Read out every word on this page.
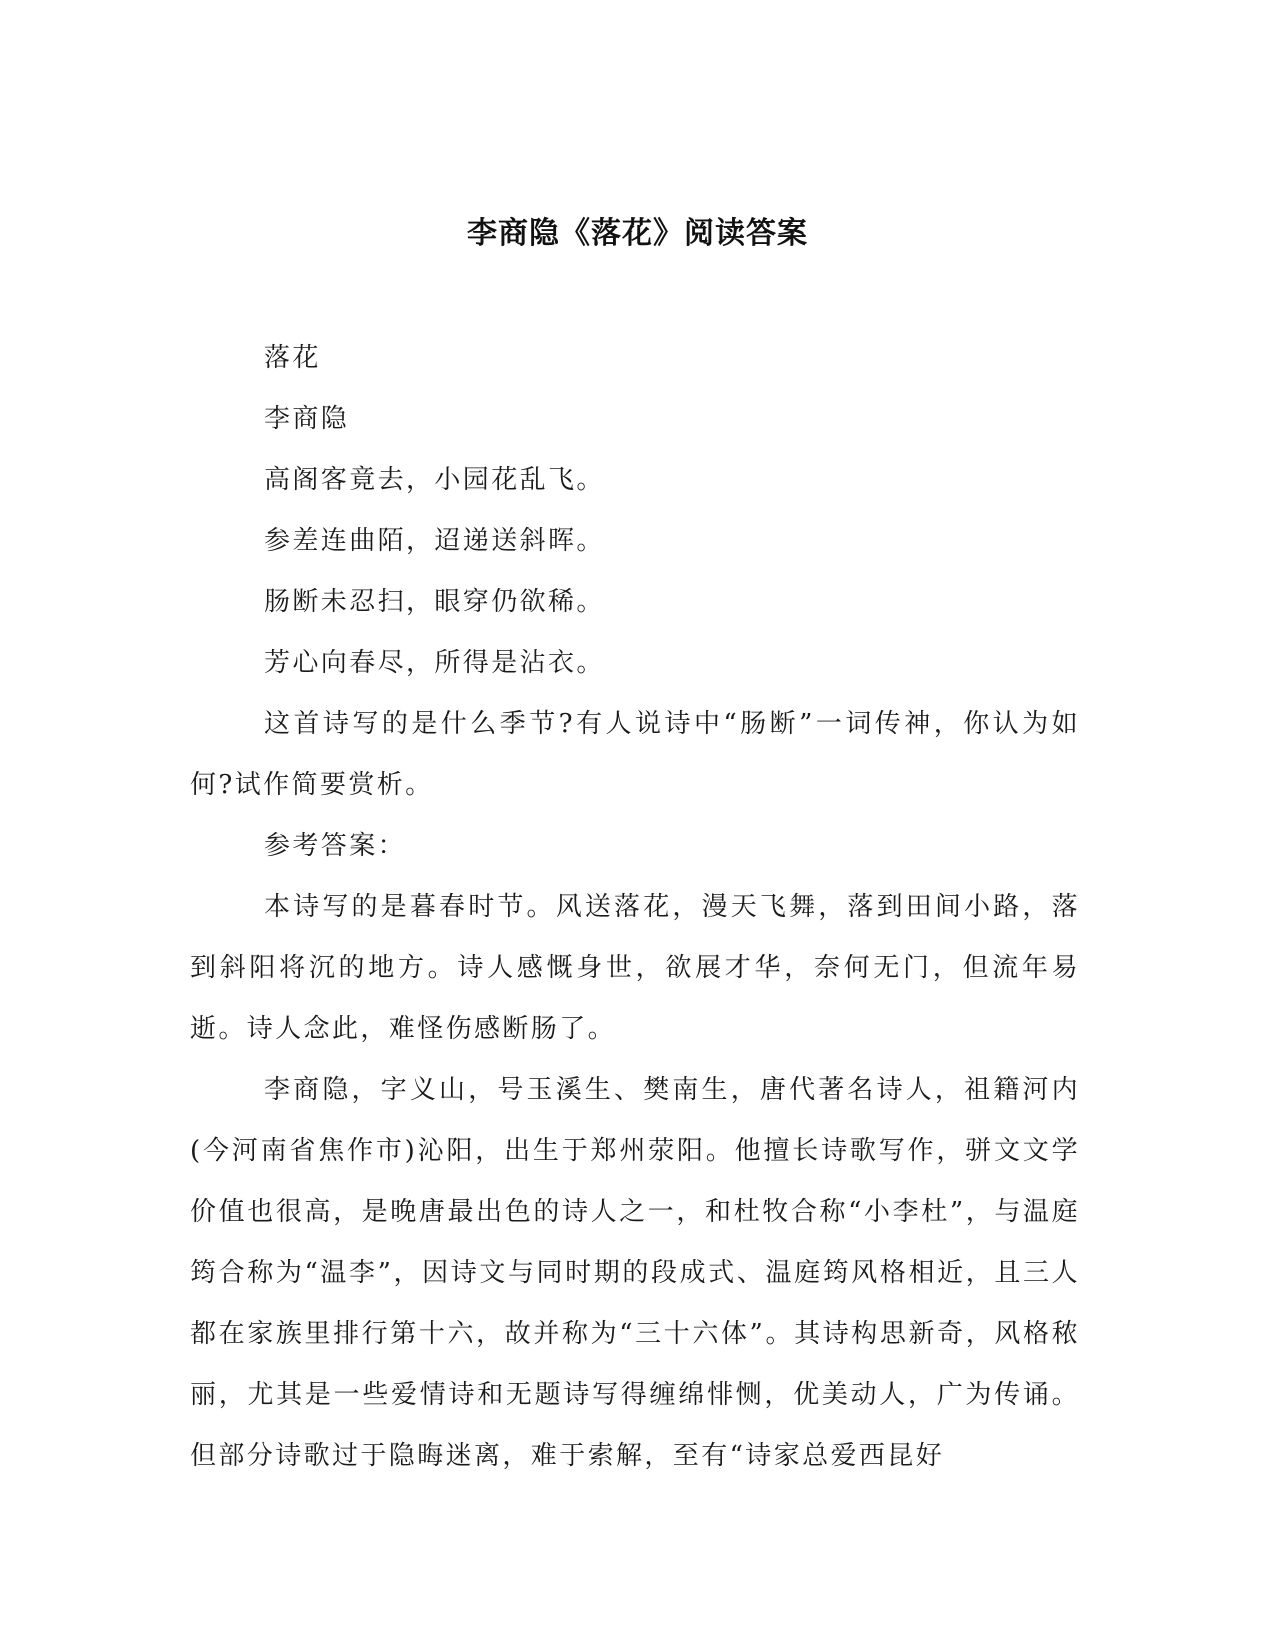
李商隐《落花》阅读答案

落花

李商隐

高阁客竟去，小园花乱飞。

参差连曲陌，迢递送斜晖。

肠断未忍扫，眼穿仍欲稀。

芳心向春尽，所得是沾衣。

这首诗写的是什么季节?有人说诗中“肠断”一词传神，你认为如何?试作简要赏析。

参考答案：

本诗写的是暮春时节。风送落花，漫天飞舞，落到田间小路，落到斜阳将沉的地方。诗人感慨身世，欲展才华，奈何无门，但流年易逝。诗人念此，难怪伤感断肠了。

李商隐，字义山，号玉溪生、樊南生，唐代著名诗人，祖籍河内(今河南省焦作市)沁阳，出生于郑州荥阳。他擅长诗歌写作，骈文文学价值也很高，是晚唐最出色的诗人之一，和杜牧合称“小李杜”，与温庭筠合称为“温李”，因诗文与同时期的段成式、温庭筠风格相近，且三人都在家族里排行第十六，故并称为“三十六体”。其诗构思新奇，风格秾丽，尤其是一些爱情诗和无题诗写得缠绵悱恻，优美动人，广为传诵。但部分诗歌过于隐晦迷离，难于索解，至有“诗家总爱西昆好
